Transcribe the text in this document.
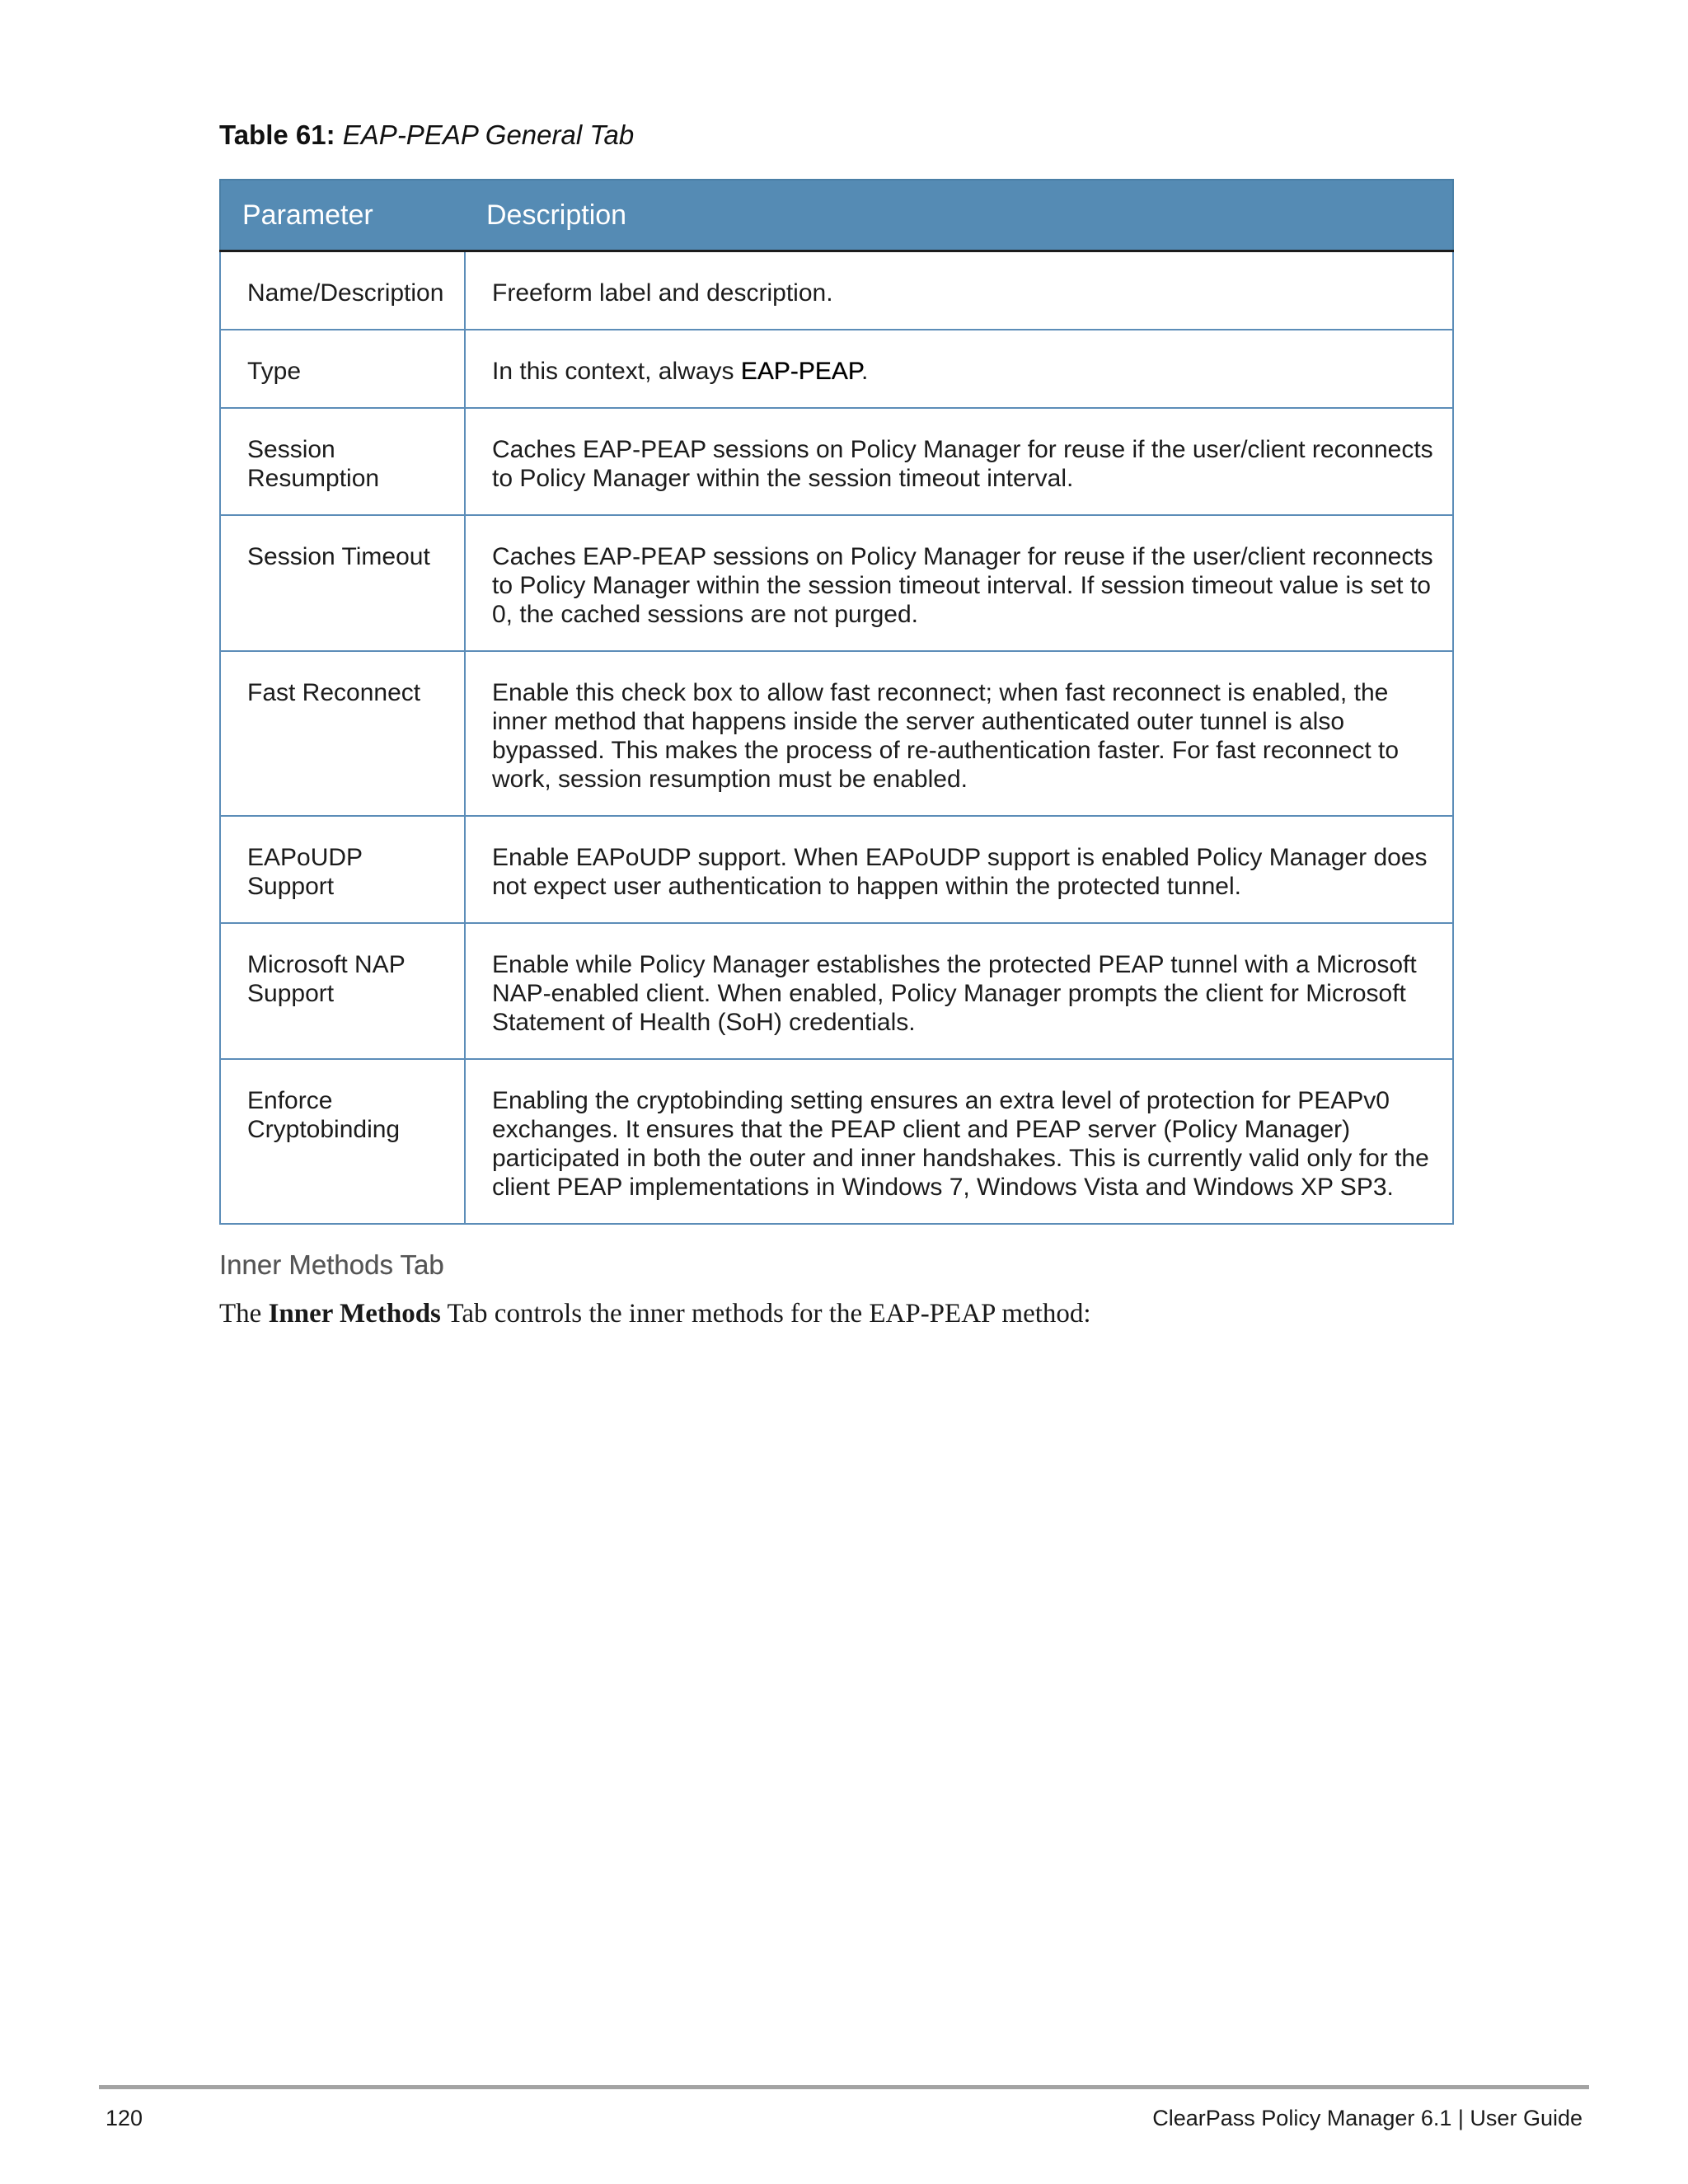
Table 61: EAP-PEAP General Tab
Parameter	Description
Name/Description	Freeform label and description.
Type	In this context, always EAP-PEAP.
Session Resumption	Caches EAP-PEAP sessions on Policy Manager for reuse if the user/client reconnects to Policy Manager within the session timeout interval.
Session Timeout	Caches EAP-PEAP sessions on Policy Manager for reuse if the user/client reconnects to Policy Manager within the session timeout interval. If session timeout value is set to 0, the cached sessions are not purged.
Fast Reconnect	Enable this check box to allow fast reconnect; when fast reconnect is enabled, the inner method that happens inside the server authenticated outer tunnel is also bypassed. This makes the process of re-authentication faster. For fast reconnect to work, session resumption must be enabled.
EAPoUDP Support	Enable EAPoUDP support. When EAPoUDP support is enabled Policy Manager does not expect user authentication to happen within the protected tunnel.
Microsoft NAP Support	Enable while Policy Manager establishes the protected PEAP tunnel with a Microsoft NAP-enabled client. When enabled, Policy Manager prompts the client for Microsoft Statement of Health (SoH) credentials.
Enforce Cryptobinding	Enabling the cryptobinding setting ensures an extra level of protection for PEAPv0 exchanges. It ensures that the PEAP client and PEAP server (Policy Manager) participated in both the outer and inner handshakes. This is currently valid only for the client PEAP implementations in Windows 7, Windows Vista and Windows XP SP3.
Inner Methods Tab

The Inner Methods Tab controls the inner methods for the EAP-PEAP method:

120	ClearPass Policy Manager 6.1 | User Guide
